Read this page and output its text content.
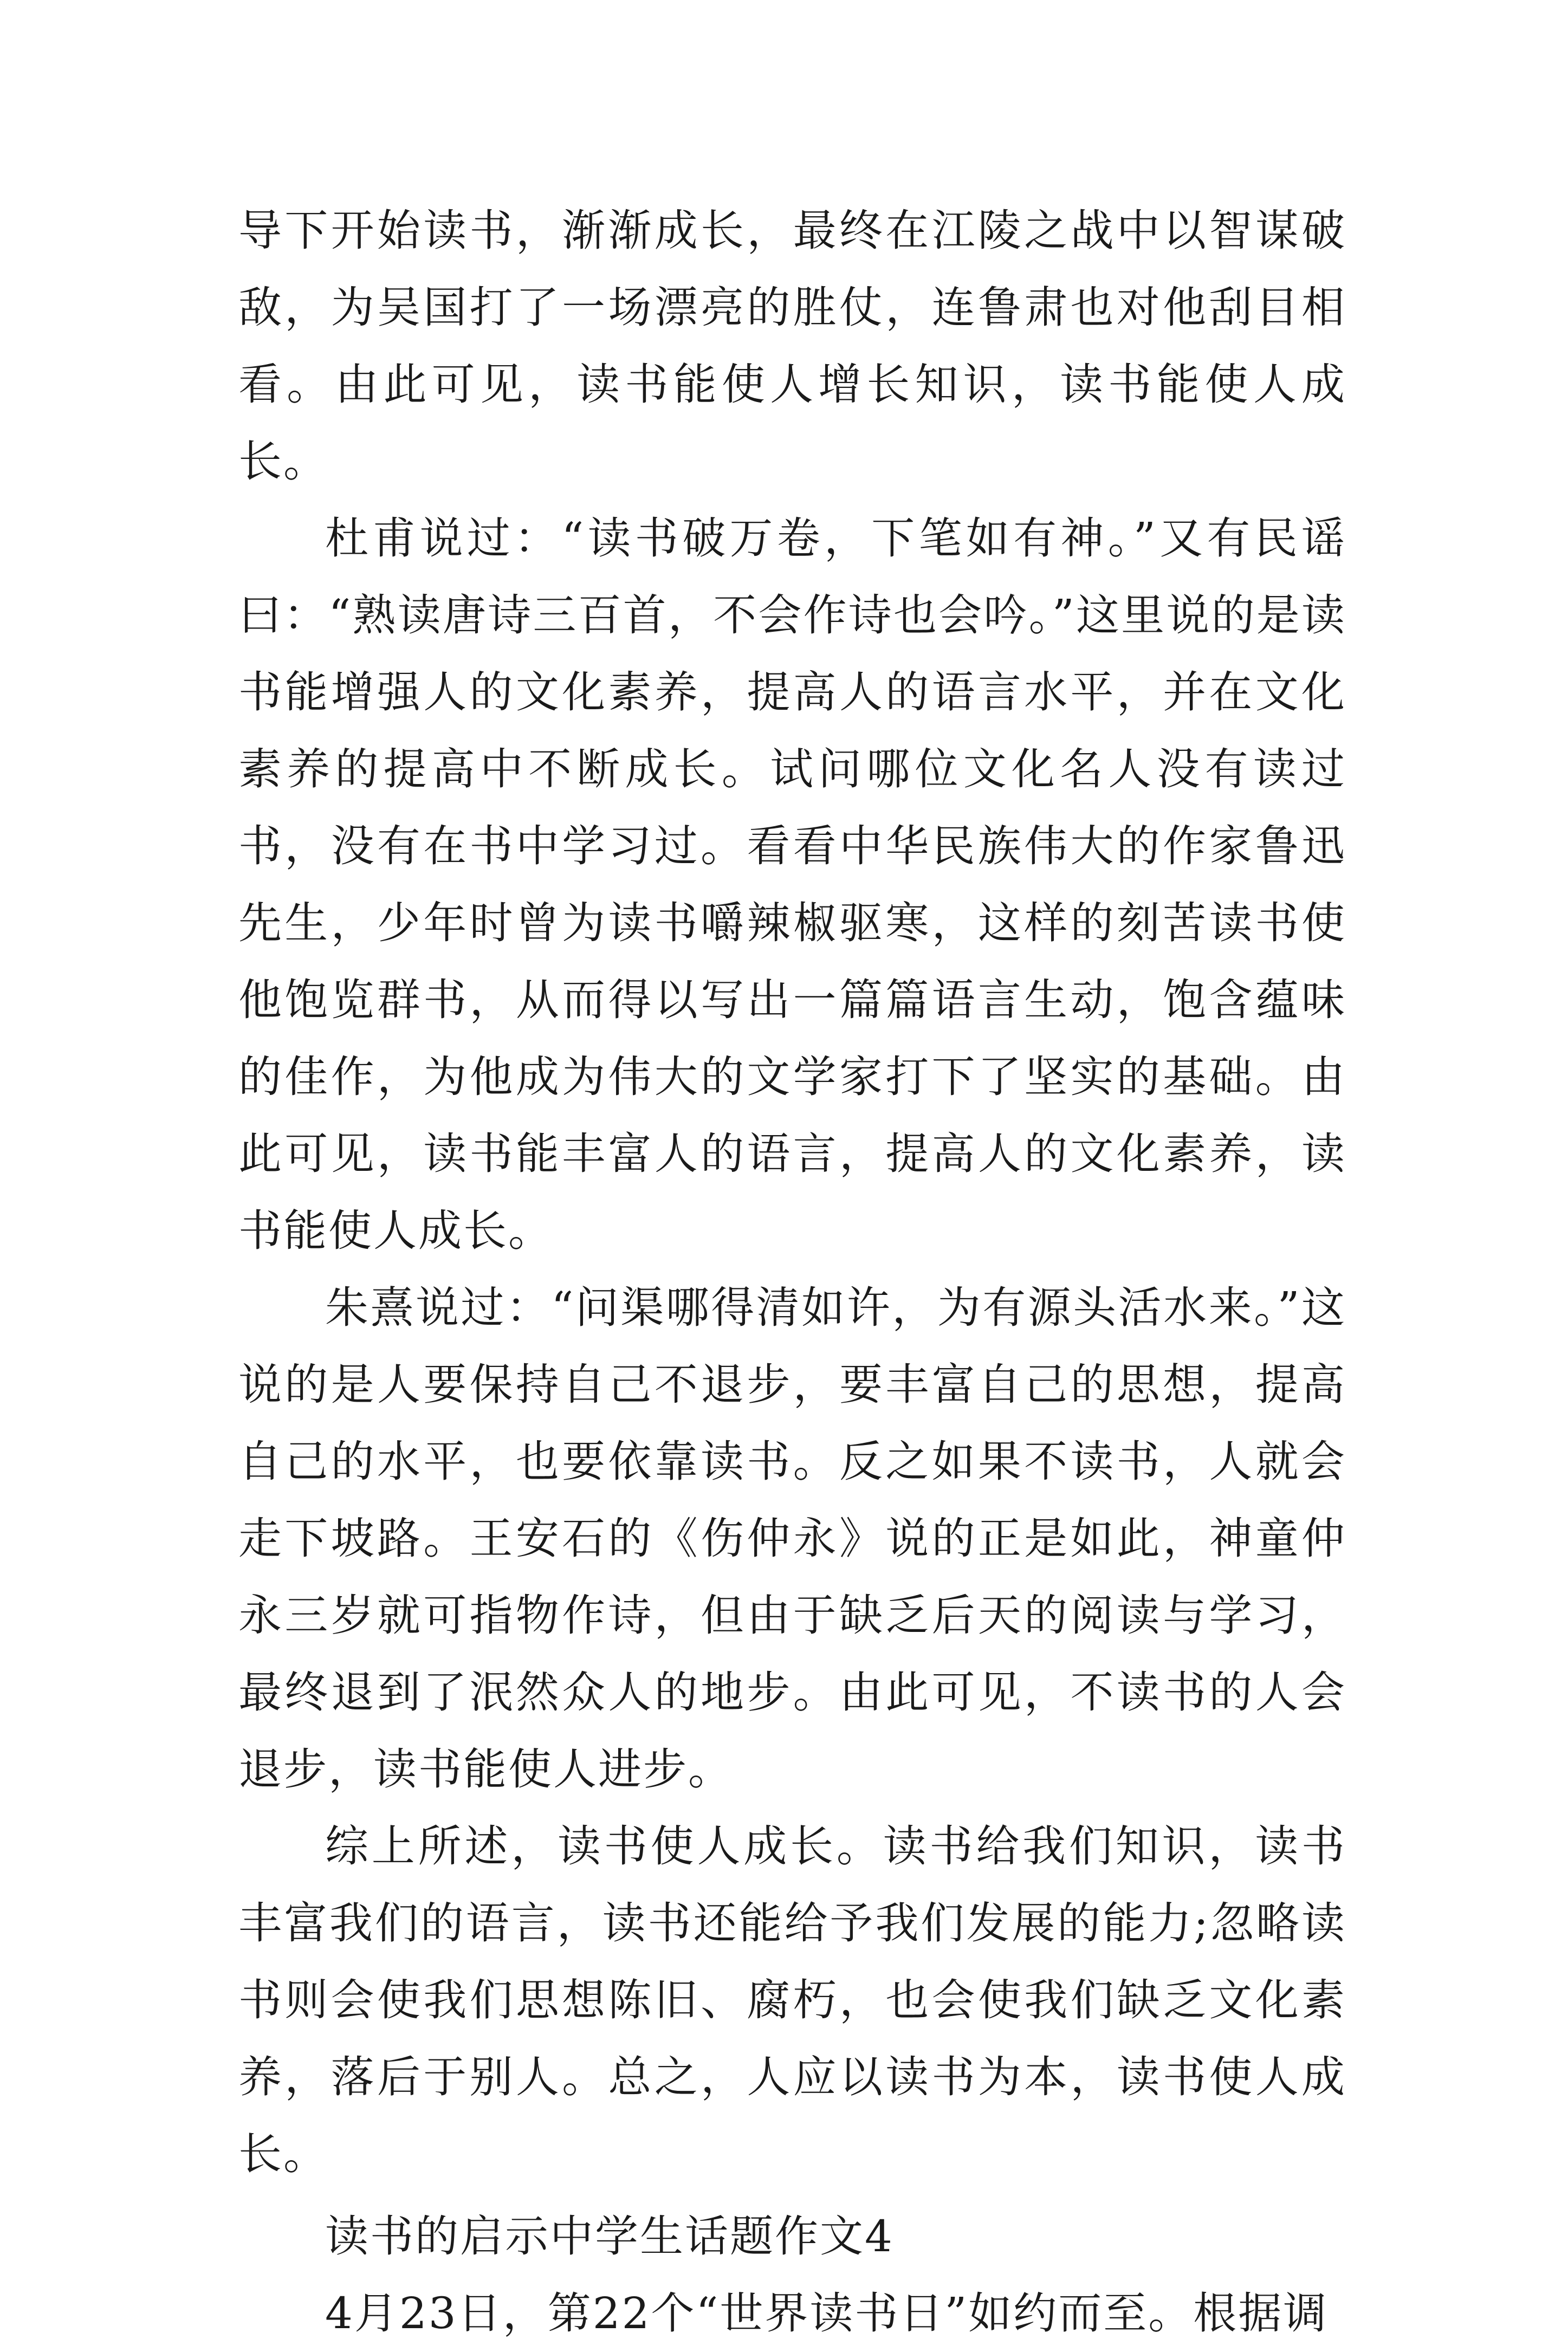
导下开始读书，渐渐成长，最终在江陵之战中以智谋破敌，为吴国打了一场漂亮的胜仗，连鲁肃也对他刮目相看。由此可见，读书能使人增长知识，读书能使人成长。

杜甫说过：“读书破万卷，下笔如有神。”又有民谣曰：“熟读唐诗三百首，不会作诗也会吟。”这里说的是读书能增强人的文化素养，提高人的语言水平，并在文化素养的提高中不断成长。试问哪位文化名人没有读过书，没有在书中学习过。看看中华民族伟大的作家鲁迅先生，少年时曾为读书嚼辣椒驱寒，这样的刻苦读书使他饱览群书，从而得以写出一篇篇语言生动，饱含蕴味的佳作，为他成为伟大的文学家打下了坚实的基础。由此可见，读书能丰富人的语言，提高人的文化素养，读书能使人成长。

朱熹说过：“问渠哪得清如许，为有源头活水来。”这说的是人要保持自己不退步，要丰富自己的思想，提高自己的水平，也要依靠读书。反之如果不读书，人就会走下坡路。王安石的《伤仲永》说的正是如此，神童仲永三岁就可指物作诗，但由于缺乏后天的阅读与学习，最终退到了泯然众人的地步。由此可见，不读书的人会退步，读书能使人进步。

综上所述，读书使人成长。读书给我们知识，读书丰富我们的语言，读书还能给予我们发展的能力;忽略读书则会使我们思想陈旧、腐朽，也会使我们缺乏文化素养，落后于别人。总之，人应以读书为本，读书使人成长。

读书的启示中学生话题作文4

4月23日，第22个“世界读书日”如约而至。根据调
